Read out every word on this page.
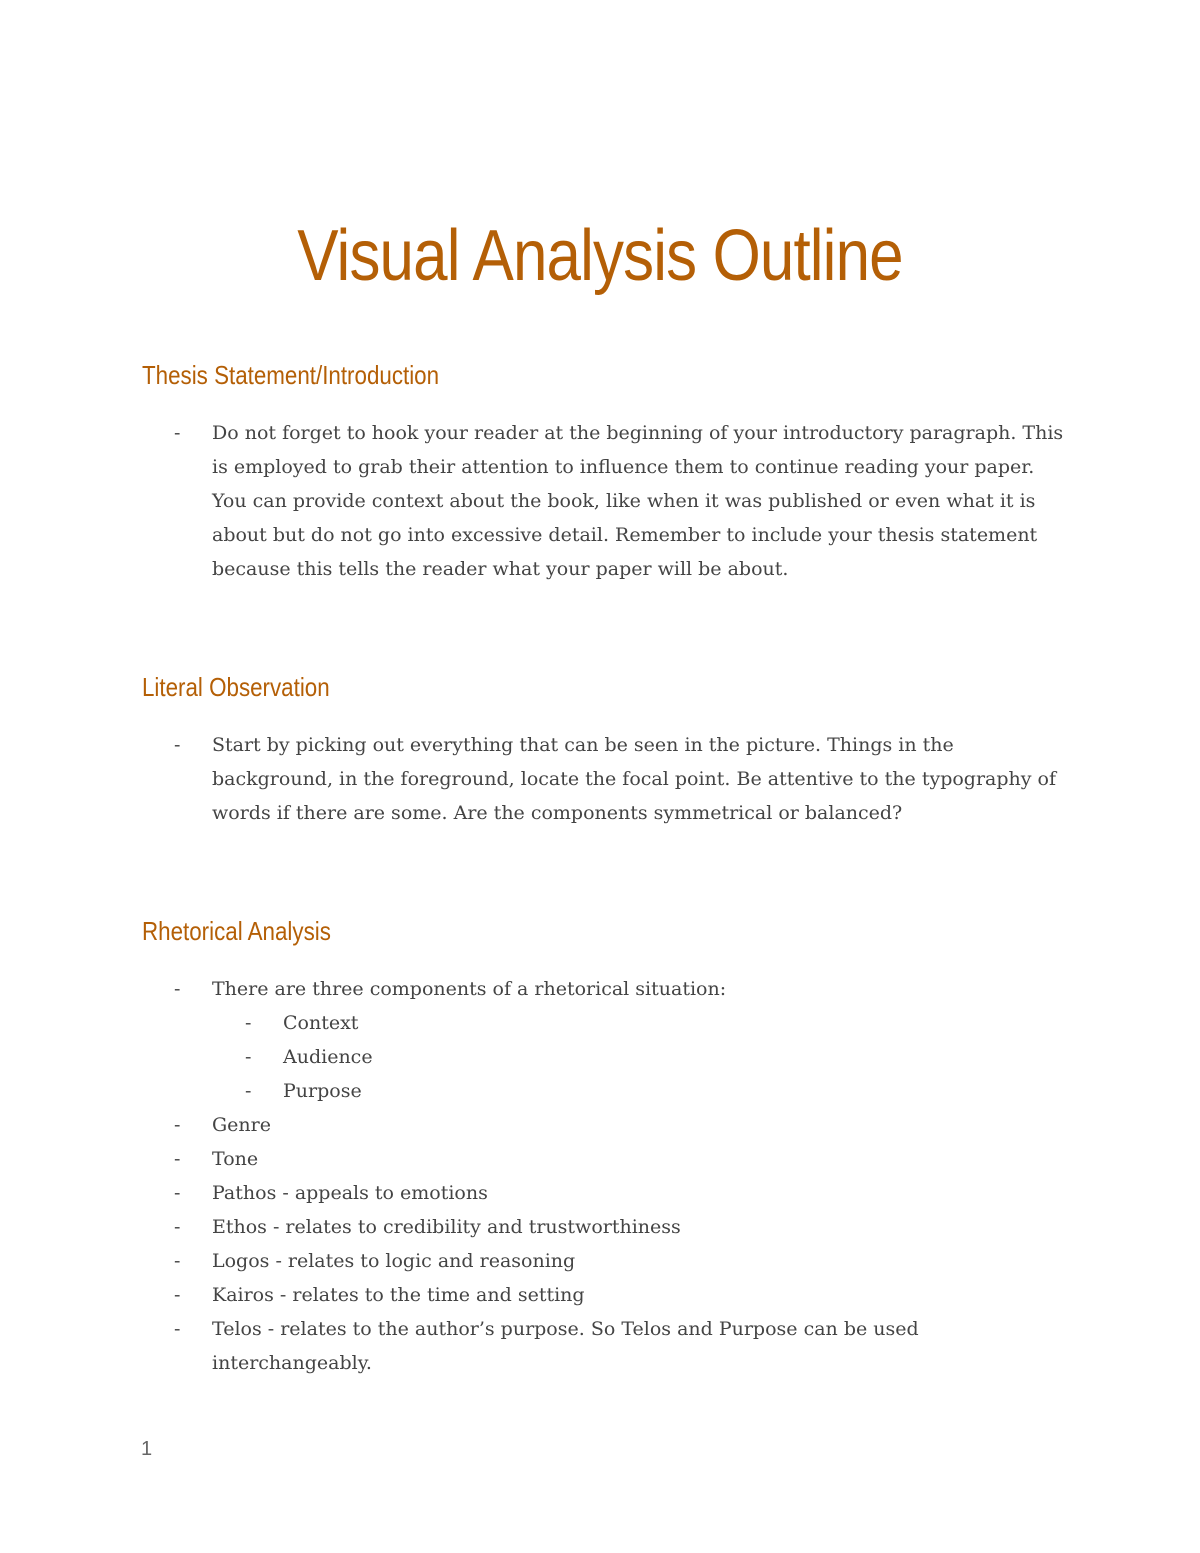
Visual Analysis Outline
Thesis Statement/Introduction
- Do not forget to hook your reader at the beginning of your introductory paragraph. This is employed to grab their attention to influence them to continue reading your paper. You can provide context about the book, like when it was published or even what it is about but do not go into excessive detail. Remember to include your thesis statement because this tells the reader what your paper will be about.
Literal Observation
- Start by picking out everything that can be seen in the picture. Things in the background, in the foreground, locate the focal point. Be attentive to the typography of words if there are some. Are the components symmetrical or balanced?
Rhetorical Analysis
- There are three components of a rhetorical situation:
- Context
- Audience
- Purpose
- Genre
- Tone
- Pathos - appeals to emotions
- Ethos - relates to credibility and trustworthiness
- Logos - relates to logic and reasoning
- Kairos - relates to the time and setting
- Telos - relates to the author’s purpose. So Telos and Purpose can be used interchangeably.
1
